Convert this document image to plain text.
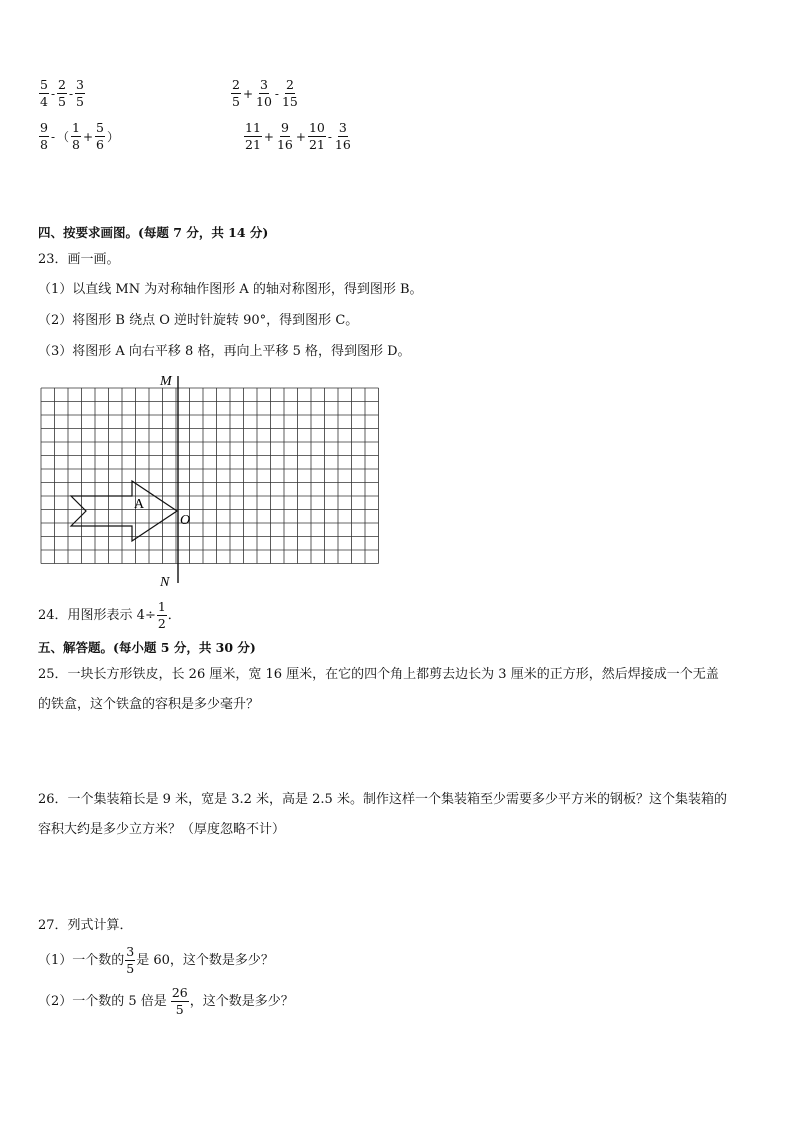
$\frac{5}{4} - \frac{2}{5} - \frac{3}{5}$
$\frac{9}{8}$ - （ $\frac{1}{8} + \frac{5}{6}$ ）
$\frac{2}{5} + \frac{3}{10} - \frac{2}{15}$
$\frac{11}{21} + \frac{9}{16} + \frac{10}{21} - \frac{3}{16}$
四、按要求画图。(每题 7 分，共 14 分)
23．画一画。
（1）以直线 MN 为对称轴作图形 A 的轴对称图形，得到图形 B。
（2）将图形 B 绕点 O 逆时针旋转 90°，得到图形 C。
（3）将图形 A 向右平移 8 格，再向上平移 5 格，得到图形 D。
M
N
O
A
24．用图形表示 $4\div \frac{1}{2}$ ．
五、解答题。(每小题 5 分，共 30 分)
25．一块长方形铁皮，长 26 厘米，宽 16 厘米，在它的四个角上都剪去边长为 3 厘米的正方形，然后焊接成一个无盖
的铁盒，这个铁盒的容积是多少毫升？
26．一个集装箱长是 9 米，宽是 3.2 米，高是 2.5 米。制作这样一个集装箱至少需要多少平方米的钢板？这个集装箱的
容积大约是多少立方米？（厚度忽略不计）
27．列式计算．
（1）一个数的 $\frac{3}{5}$ 是 60，这个数是多少？
（2）一个数的 5 倍是 $\frac{26}{5}$ ，这个数是多少？
